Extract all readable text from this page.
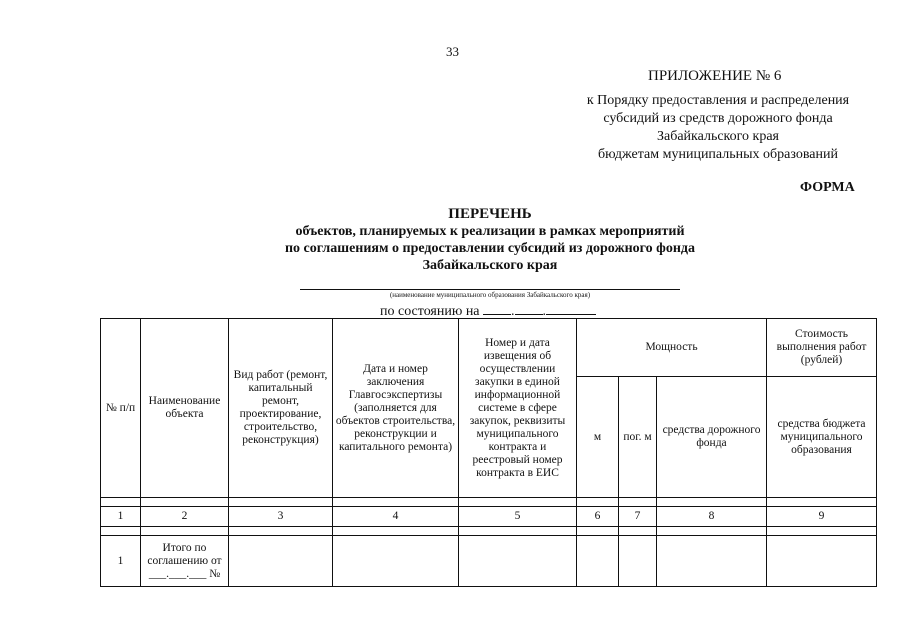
33
ПРИЛОЖЕНИЕ № 6
к Порядку предоставления и распределения
субсидий из средств дорожного фонда
Забайкальского края
бюджетам муниципальных образований
ФОРМА
ПЕРЕЧЕНЬ
объектов, планируемых к реализации в рамках мероприятий
по соглашениям о предоставлении субсидий из дорожного фонда
Забайкальского края
(наименование муниципального образования Забайкальского края)
по состоянию на . .
№ п/п	Наименование объекта	Вид работ (ремонт, капитальный ремонт, проектирование, строительство, реконструкция)	Дата и номер заключения Главгосэкспертизы (заполняется для объектов строительства, реконструкции и капитального ремонта)	Номер и дата извещения об осуществлении закупки в единой информационной системе в сфере закупок, реквизиты муниципального контракта и реестровый номер контракта в ЕИС	Мощность			Стоимость выполнения работ (рублей)
					м	пог. м	средства дорожного фонда	средства бюджета муниципального образования

1	2	3	4	5	6	7	8	9

1	Итого по соглашению от ___.___.___ №							
